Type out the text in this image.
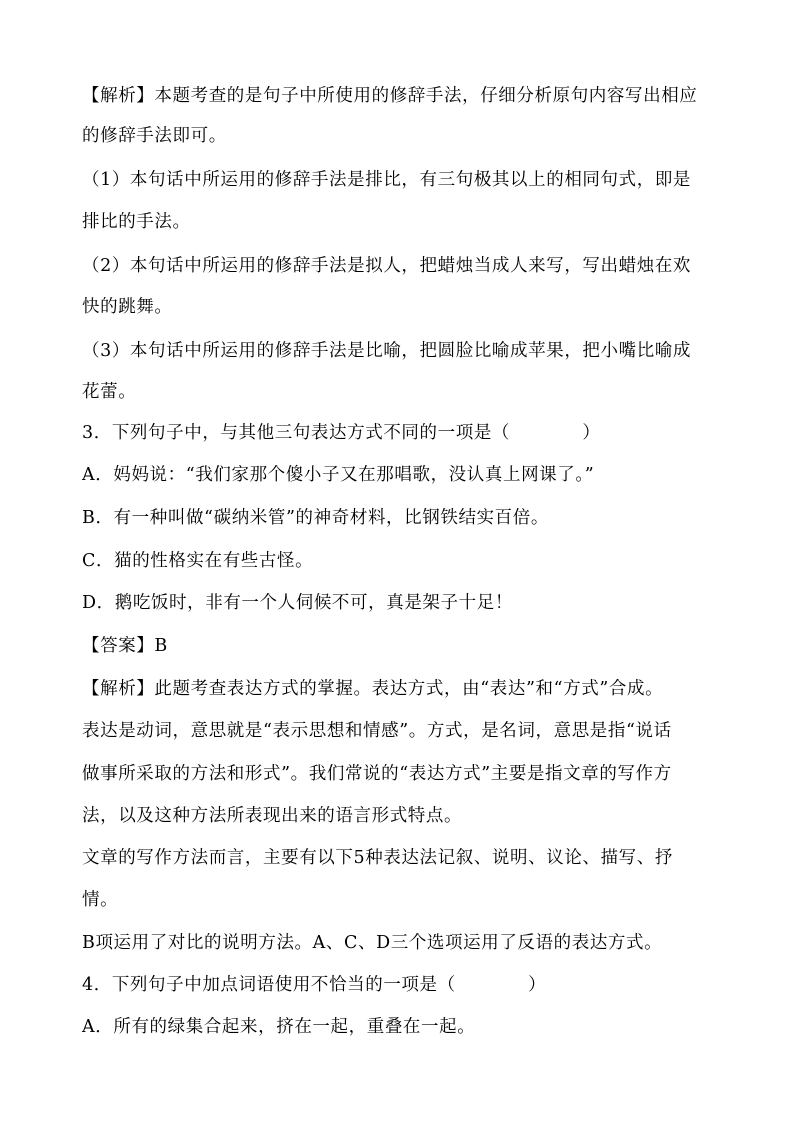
【解析】本题考查的是句子中所使用的修辞手法，仔细分析原句内容写出相应
的修辞手法即可。
（1）本句话中所运用的修辞手法是排比，有三句极其以上的相同句式，即是
排比的手法。
（2）本句话中所运用的修辞手法是拟人，把蜡烛当成人来写，写出蜡烛在欢
快的跳舞。
（3）本句话中所运用的修辞手法是比喻，把圆脸比喻成苹果，把小嘴比喻成
花蕾。
3．下列句子中，与其他三句表达方式不同的一项是（　　　　）
A．妈妈说：“我们家那个傻小子又在那唱歌，没认真上网课了。”
B．有一种叫做“碳纳米管”的神奇材料，比钢铁结实百倍。
C．猫的性格实在有些古怪。
D．鹅吃饭时，非有一个人伺候不可，真是架子十足！
【答案】B
【解析】此题考查表达方式的掌握。表达方式，由“表达”和“方式”合成。
表达是动词，意思就是“表示思想和情感”。方式，是名词，意思是指“说话
做事所采取的方法和形式”。我们常说的“表达方式”主要是指文章的写作方
法，以及这种方法所表现出来的语言形式特点。
文章的写作方法而言，主要有以下5种表达法记叙、说明、议论、描写、抒
情。
B项运用了对比的说明方法。A、C、D三个选项运用了反语的表达方式。
4．下列句子中加点词语使用不恰当的一项是（　　　　）
A．所有的绿集合起来，挤在一起，重叠在一起。
